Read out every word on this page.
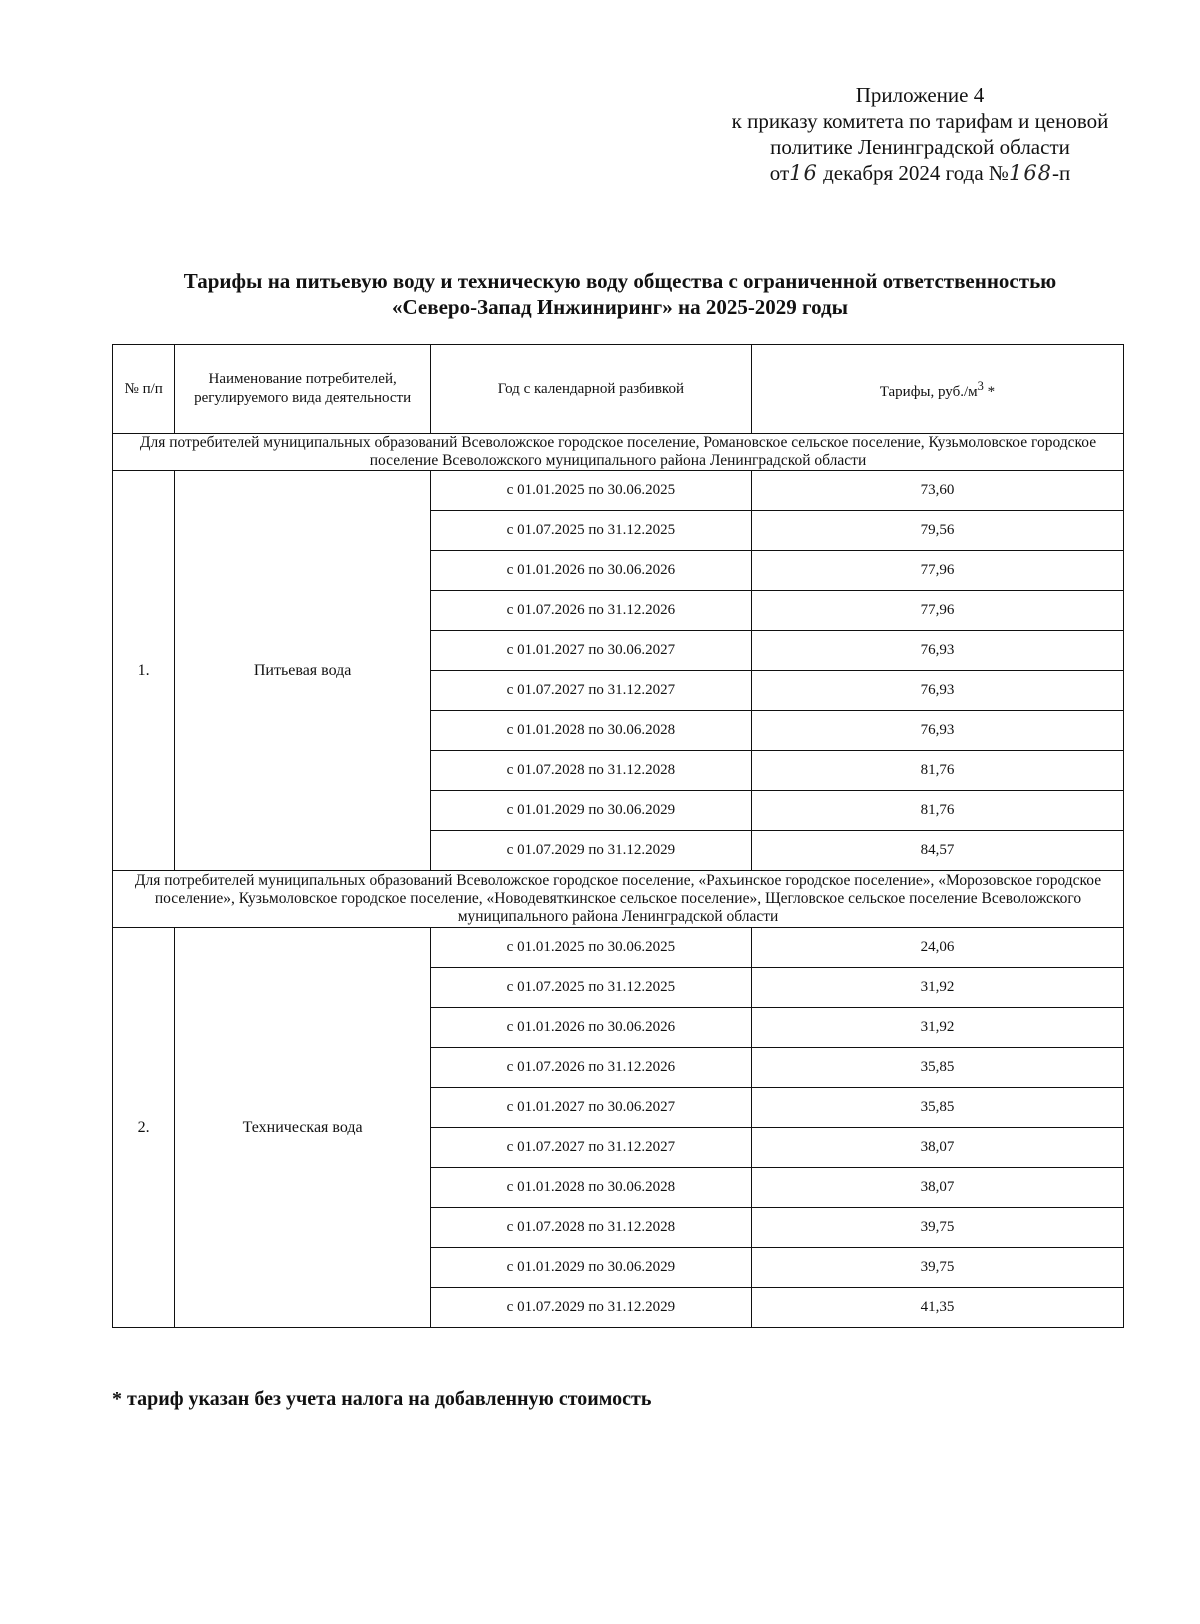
Приложение 4
к приказу комитета по тарифам и ценовой
политике Ленинградской области
от16 декабря 2024 года №168-п
Тарифы на питьевую воду и техническую воду общества с ограниченной ответственностью
«Северо-Запад Инжиниринг» на 2025-2029 годы
№ п/п	Наименование потребителей, регулируемого вида деятельности	Год с календарной разбивкой	Тарифы, $руб./м^3$ *
Для потребителей муниципальных образований Всеволожское городское поселение, Романовское сельское поселение, Кузьмоловское городское поселение Всеволожского муниципального района Ленинградской области			
1.	Питьевая вода	с 01.01.2025 по 30.06.2025	73,60
		с 01.07.2025 по 31.12.2025	79,56
		с 01.01.2026 по 30.06.2026	77,96
		с 01.07.2026 по 31.12.2026	77,96
		с 01.01.2027 по 30.06.2027	76,93
		с 01.07.2027 по 31.12.2027	76,93
		с 01.01.2028 по 30.06.2028	76,93
		с 01.07.2028 по 31.12.2028	81,76
		с 01.01.2029 по 30.06.2029	81,76
		с 01.07.2029 по 31.12.2029	84,57
Для потребителей муниципальных образований Всеволожское городское поселение, «Рахьинское городское поселение», «Морозовское городское поселение», Кузьмоловское городское поселение, «Новодевяткинское сельское поселение», Щегловское сельское поселение Всеволожского муниципального района Ленинградской области			
2.	Техническая вода	с 01.01.2025 по 30.06.2025	24,06
		с 01.07.2025 по 31.12.2025	31,92
		с 01.01.2026 по 30.06.2026	31,92
		с 01.07.2026 по 31.12.2026	35,85
		с 01.01.2027 по 30.06.2027	35,85
		с 01.07.2027 по 31.12.2027	38,07
		с 01.01.2028 по 30.06.2028	38,07
		с 01.07.2028 по 31.12.2028	39,75
		с 01.01.2029 по 30.06.2029	39,75
		с 01.07.2029 по 31.12.2029	41,35
* тариф указан без учета налога на добавленную стоимость
